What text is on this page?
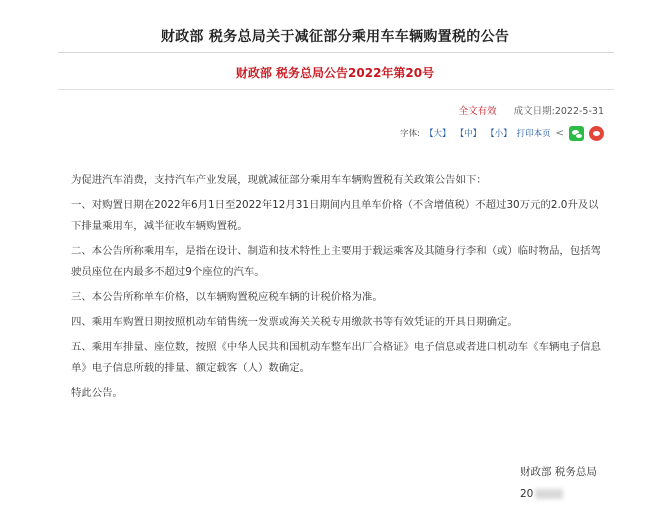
财政部 税务总局关于减征部分乘用车车辆购置税的公告
财政部 税务总局公告2022年第20号
全文有效 成文日期:2022-5-31
字体: 【大】 【中】 【小】 打印本页 <

为促进汽车消费，支持汽车产业发展，现就减征部分乘用车车辆购置税有关政策公告如下：

一、对购置日期在2022年6月1日至2022年12月31日期间内且单车价格（不含增值税）不超过30万元的2.0升及以下排量乘用车，减半征收车辆购置税。

二、本公告所称乘用车，是指在设计、制造和技术特性上主要用于载运乘客及其随身行李和（或）临时物品，包括驾驶员座位在内最多不超过9个座位的汽车。

三、本公告所称单车价格，以车辆购置税应税车辆的计税价格为准。

四、乘用车购置日期按照机动车销售统一发票或海关关税专用缴款书等有效凭证的开具日期确定。

五、乘用车排量、座位数，按照《中华人民共和国机动车整车出厂合格证》电子信息或者进口机动车《车辆电子信息单》电子信息所载的排量、额定载客（人）数确定。

特此公告。

财政部 税务总局
20
